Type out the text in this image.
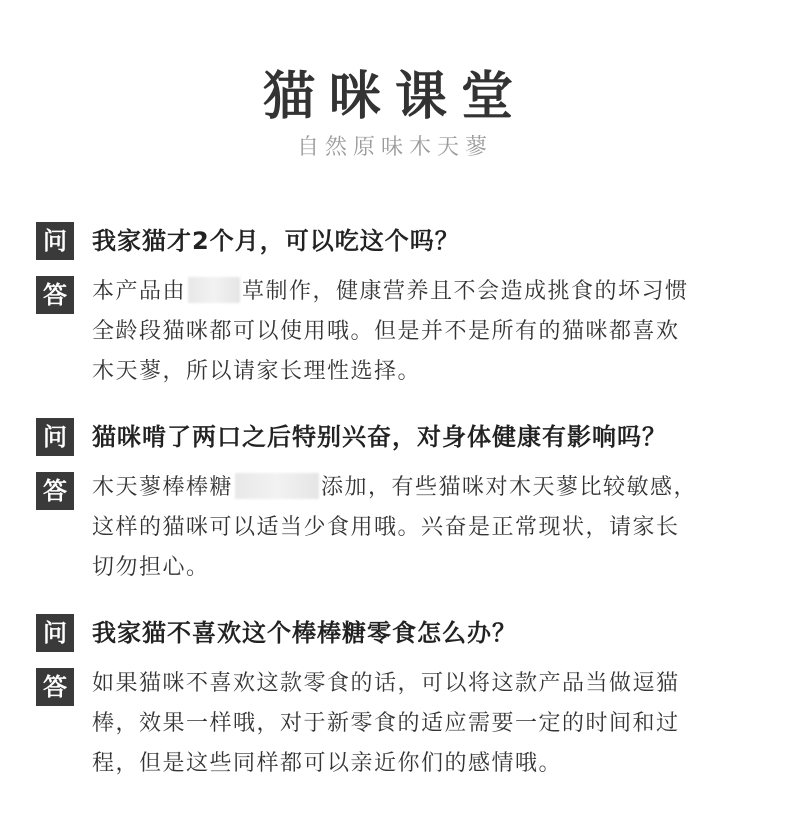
猫咪课堂
自然原味木天蓼
问 我家猫才2个月，可以吃这个吗？
答	本产品由	草制作，健康营养且不会造成挑食的坏习惯
全龄段猫咪都可以使用哦。但是并不是所有的猫咪都喜欢
木天蓼，所以请家长理性选择。
问 猫咪啃了两口之后特别兴奋，对身体健康有影响吗？
答	木天蓼棒棒糖	添加，有些猫咪对木天蓼比较敏感，
这样的猫咪可以适当少食用哦。兴奋是正常现状，请家长
切勿担心。
问 我家猫不喜欢这个棒棒糖零食怎么办？
答	如果猫咪不喜欢这款零食的话，可以将这款产品当做逗猫
棒，效果一样哦，对于新零食的适应需要一定的时间和过
程，但是这些同样都可以亲近你们的感情哦。
